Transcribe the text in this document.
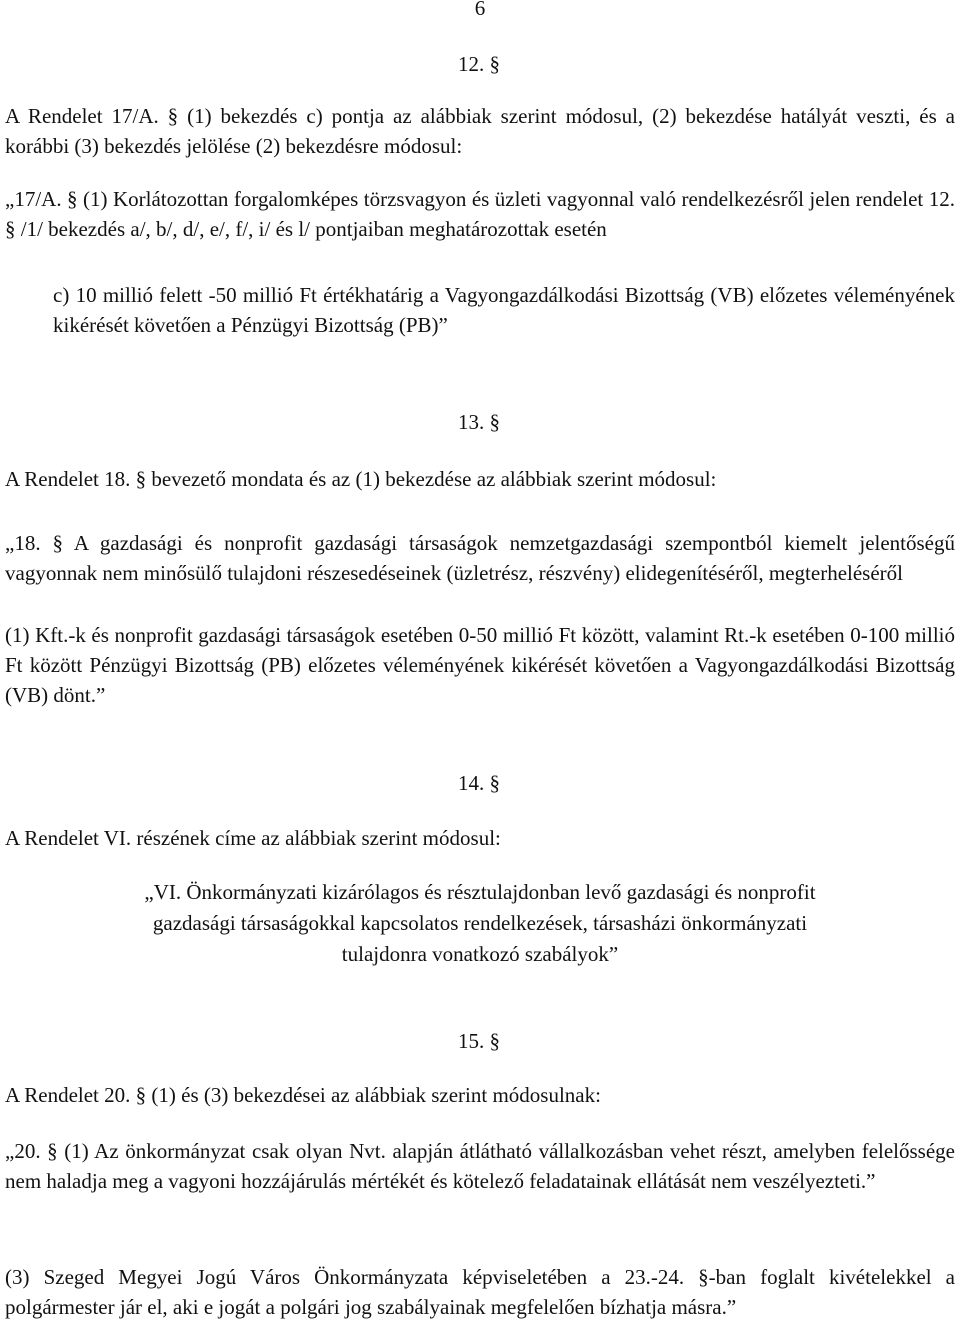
6
12. §

A Rendelet 17/A. § (1) bekezdés c) pontja az alábbiak szerint módosul, (2) bekezdése hatályát veszti, és a korábbi (3) bekezdés jelölése (2) bekezdésre módosul:

„17/A. § (1) Korlátozottan forgalomképes törzsvagyon és üzleti vagyonnal való rendelkezésről jelen rendelet 12. § /1/ bekezdés a/, b/, d/, e/, f/, i/ és l/ pontjaiban meghatározottak esetén

c) 10 millió felett -50 millió Ft értékhatárig a Vagyongazdálkodási Bizottság (VB) előzetes véleményének kikérését követően a Pénzügyi Bizottság (PB)”

13. §

A Rendelet 18. § bevezető mondata és az (1) bekezdése az alábbiak szerint módosul:

„18. § A gazdasági és nonprofit gazdasági társaságok nemzetgazdasági szempontból kiemelt jelentőségű vagyonnak nem minősülő tulajdoni részesedéseinek (üzletrész, részvény) elidegenítéséről, megterheléséről

(1) Kft.-k és nonprofit gazdasági társaságok esetében 0-50 millió Ft között, valamint Rt.-k esetében 0-100 millió Ft között Pénzügyi Bizottság (PB) előzetes véleményének kikérését követően a Vagyongazdálkodási Bizottság (VB) dönt.”

14. §

A Rendelet VI. részének címe az alábbiak szerint módosul:

„VI. Önkormányzati kizárólagos és résztulajdonban levő gazdasági és nonprofit

gazdasági társaságokkal kapcsolatos rendelkezések, társasházi önkormányzati

tulajdonra vonatkozó szabályok”

15. §

A Rendelet 20. § (1) és (3) bekezdései az alábbiak szerint módosulnak:

„20. § (1) Az önkormányzat csak olyan Nvt. alapján átlátható vállalkozásban vehet részt, amelyben felelőssége nem haladja meg a vagyoni hozzájárulás mértékét és kötelező feladatainak ellátását nem veszélyezteti.”

(3) Szeged Megyei Jogú Város Önkormányzata képviseletében a 23.-24. §-ban foglalt kivételekkel a polgármester jár el, aki e jogát a polgári jog szabályainak megfelelően bízhatja másra.”
